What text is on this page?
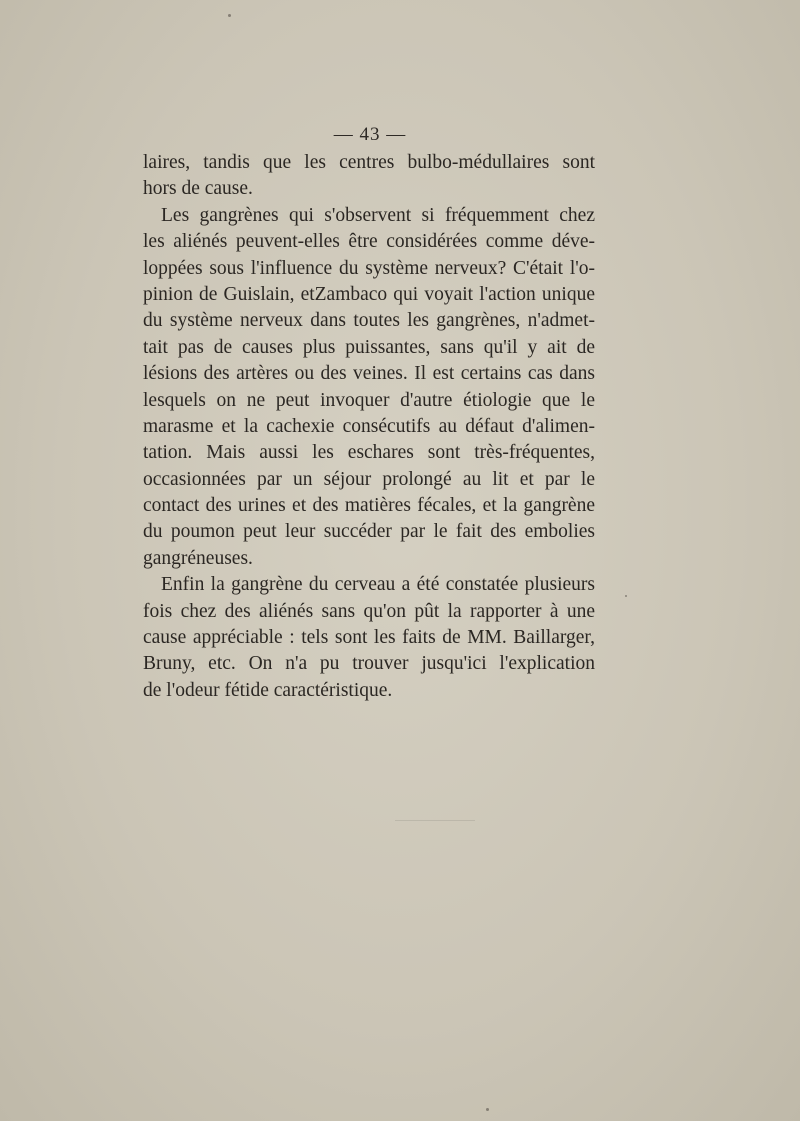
— 43 —
laires, tandis que les centres bulbo-médullaires sont
hors de cause.
Les gangrènes qui s'observent si fréquemment chez
les aliénés peuvent-elles être considérées comme déve-
loppées sous l'influence du système nerveux? C'était l'o-
pinion de Guislain, etZambaco qui voyait l'action unique
du système nerveux dans toutes les gangrènes, n'admet-
tait pas de causes plus puissantes, sans qu'il y ait de
lésions des artères ou des veines. Il est certains cas dans
lesquels on ne peut invoquer d'autre étiologie que le
marasme et la cachexie consécutifs au défaut d'alimen-
tation. Mais aussi les eschares sont très-fréquentes,
occasionnées par un séjour prolongé au lit et par le
contact des urines et des matières fécales, et la gangrène
du poumon peut leur succéder par le fait des embolies
gangréneuses.
Enfin la gangrène du cerveau a été constatée plusieurs
fois chez des aliénés sans qu'on pût la rapporter à une
cause appréciable : tels sont les faits de MM. Baillarger,
Bruny, etc. On n'a pu trouver jusqu'ici l'explication
de l'odeur fétide caractéristique.
